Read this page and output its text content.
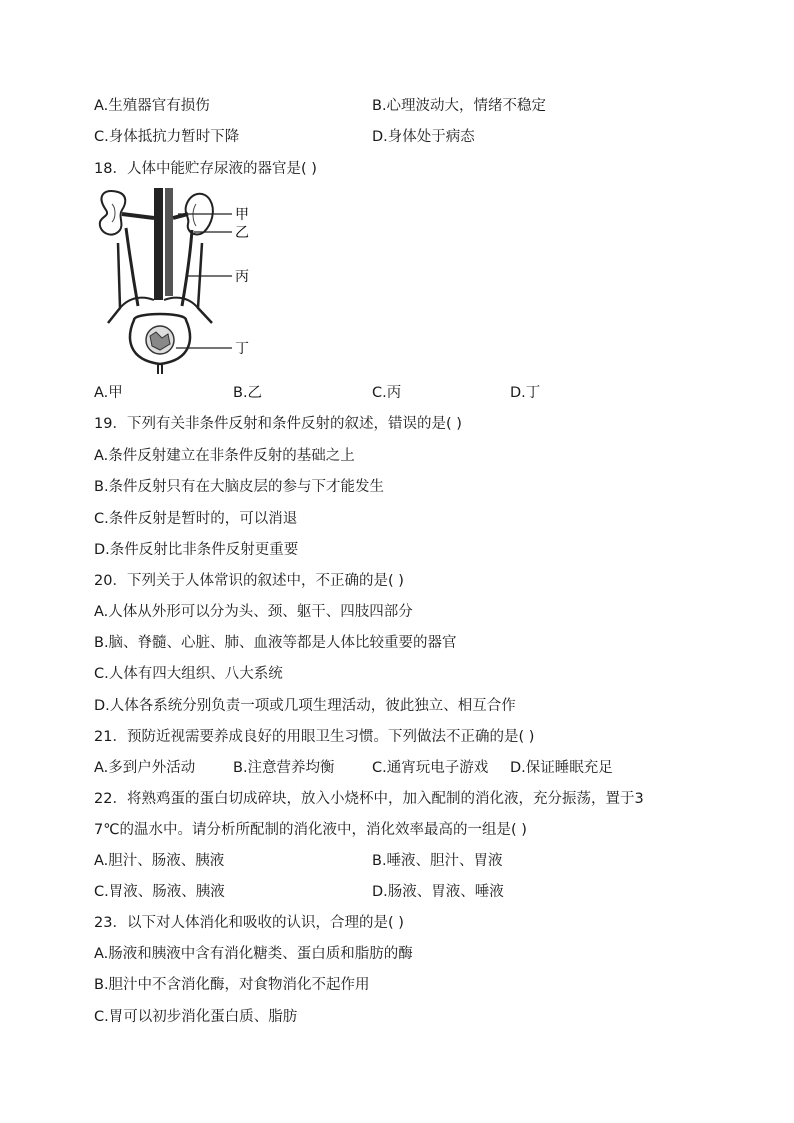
A.生殖器官有损伤	B.心理波动大，情绪不稳定
C.身体抵抗力暂时下降	D.身体处于病态
18．人体中能贮存尿液的器官是( )
甲
乙
丙
丁
A.甲	B.乙	C.丙	D.丁
19．下列有关非条件反射和条件反射的叙述，错误的是( )
A.条件反射建立在非条件反射的基础之上
B.条件反射只有在大脑皮层的参与下才能发生
C.条件反射是暂时的，可以消退
D.条件反射比非条件反射更重要
20．下列关于人体常识的叙述中，不正确的是( )
A.人体从外形可以分为头、颈、躯干、四肢四部分
B.脑、脊髓、心脏、肺、血液等都是人体比较重要的器官
C.人体有四大组织、八大系统
D.人体各系统分别负责一项或几项生理活动，彼此独立、相互合作
21．预防近视需要养成良好的用眼卫生习惯。下列做法不正确的是( )
A.多到户外活动	B.注意营养均衡	C.通宵玩电子游戏 D.保证睡眠充足
22．将熟鸡蛋的蛋白切成碎块，放入小烧杯中，加入配制的消化液，充分振荡，置于3
7℃的温水中。请分析所配制的消化液中，消化效率最高的一组是( )
A.胆汁、肠液、胰液	B.唾液、胆汁、胃液
C.胃液、肠液、胰液	D.肠液、胃液、唾液
23．以下对人体消化和吸收的认识，合理的是( )
A.肠液和胰液中含有消化糖类、蛋白质和脂肪的酶
B.胆汁中不含消化酶，对食物消化不起作用
C.胃可以初步消化蛋白质、脂肪
